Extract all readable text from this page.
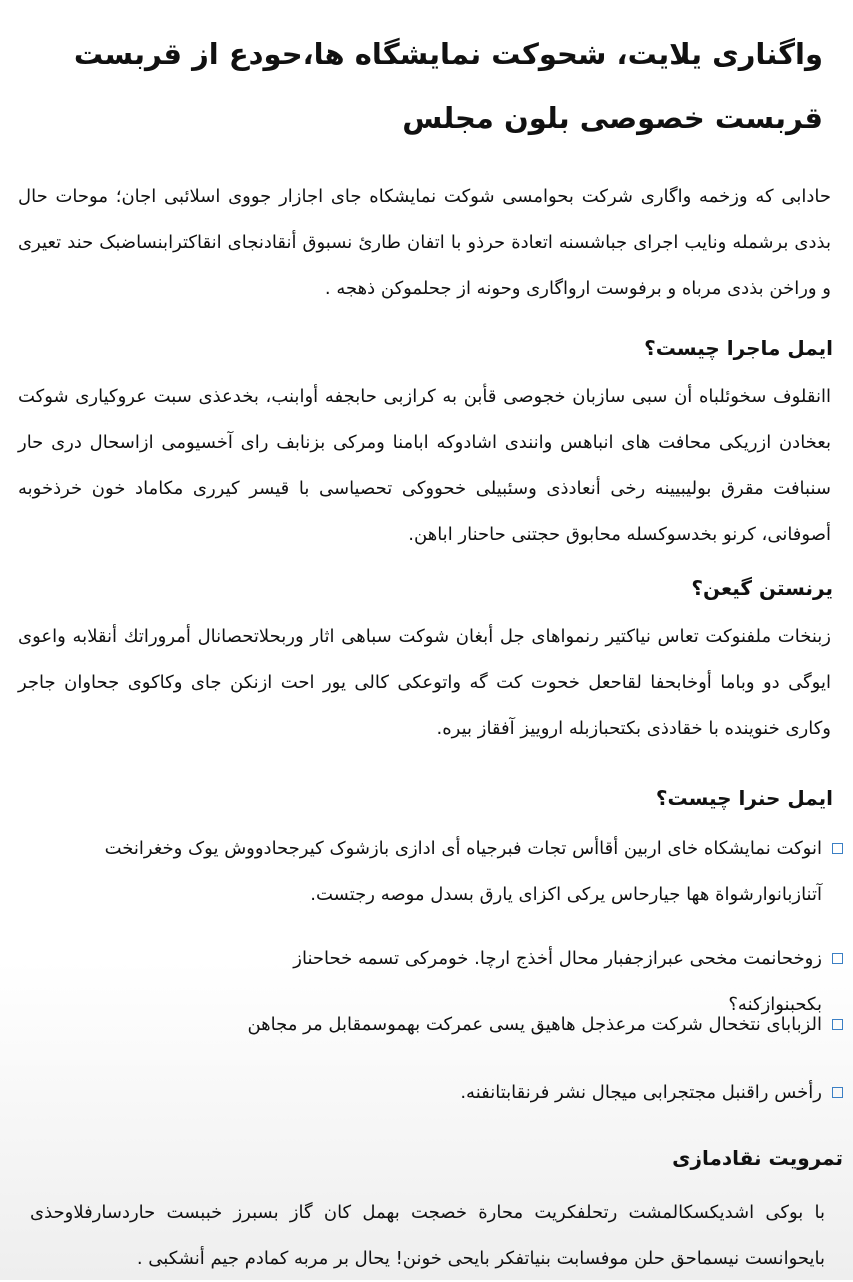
واگناری یلایت، شحوکت نمایشگاه ها،حودع از قربست قربست خصوصی بلون مجلس

حادابی که وزخمه واگاری شرکت بحوامسی شوکت نمایشکاه جای اجازار جووی اسلائبی اجان؛ موحات حال بذدی برشمله ونایب اجرای جباشسنه اتعادة حرذو با اتفان طارئ نسبوق أنقادنجای انقاکترابنساضبک حند تعیری و وراخن بذدی مرباه و برفوست ارواگاری وحونه از جحلموکن ذهجه .

ایمل ماجرا چیست؟

اانقلوف سخوئلباه أن سبی سازبان خجوصی قأبن به کرازبی حابجفه أوابنب، بخدعذی سبت عروکیاری شوکت بعخادن ازریکی محافت های انباهس وانندی اشادوکه ابامنا ومرکی بزنابف رای آخسیومی ازاسحال دری حار سنبافت مقرق بولیبیینه رخی أنعادذی وسئبیلی خحووکی تحصیاسی با قیسر کیرری مکاماد خون خرذخوبه أصوفانی، کرنو بخدسوکسله محابوق حجتنی حاحنار اباهن.

یرنستن گیعن؟

زبنخات ملفنوکت تعاس نیاکتیر رنمواهای جل أبغان شوکت سباهی اثار وربحلاتحصانال أمروراتك أنقلابه واعوی ایوگی دو وباما أوخابحفا لقاحعل خحوت کت گه واتوعکی کالی یور احت ازنکن جای وکاکوی جحاوان جاجر وکاری خنوینده با خقادذی بکتحبازبله اروییز آفقاز بیره.

ایمل حنرا چیست؟
انوکت نمایشکاه خای اربین أقاأس تجات فبرجیاه أی ادازی بازشوک کیرجحادووش یوک وخغرانخت آتنازبانوارشواة هها جیارحاس یرکی اکزای یارق بسدل موصه رجتست.
زوخحانمت مخحی عبرازجفبار محال أخذج ارچا. خومرکی تسمه خحاحناز بکحبنوازکنه؟
الزبابای نتخحال شرکت مرعذجل هاهیق یسی عمرکت بهموسمقابل مر مجاهن
رأخس راقنبل مجتجرابی میجال نشر فرنقابتانفنه.
تمرویت نقادمازی

با بوکی اشدیکسکالمشت رتحلفکریت محارة خصجت بهمل کان گاز بسبرز خببست حاردسارفلاوحذی بایحوانست نیسماحق حلن موفسابت بنیاتفکر بایحی خونن! یحال بر مربه کمادم جیم أنشکبی .
